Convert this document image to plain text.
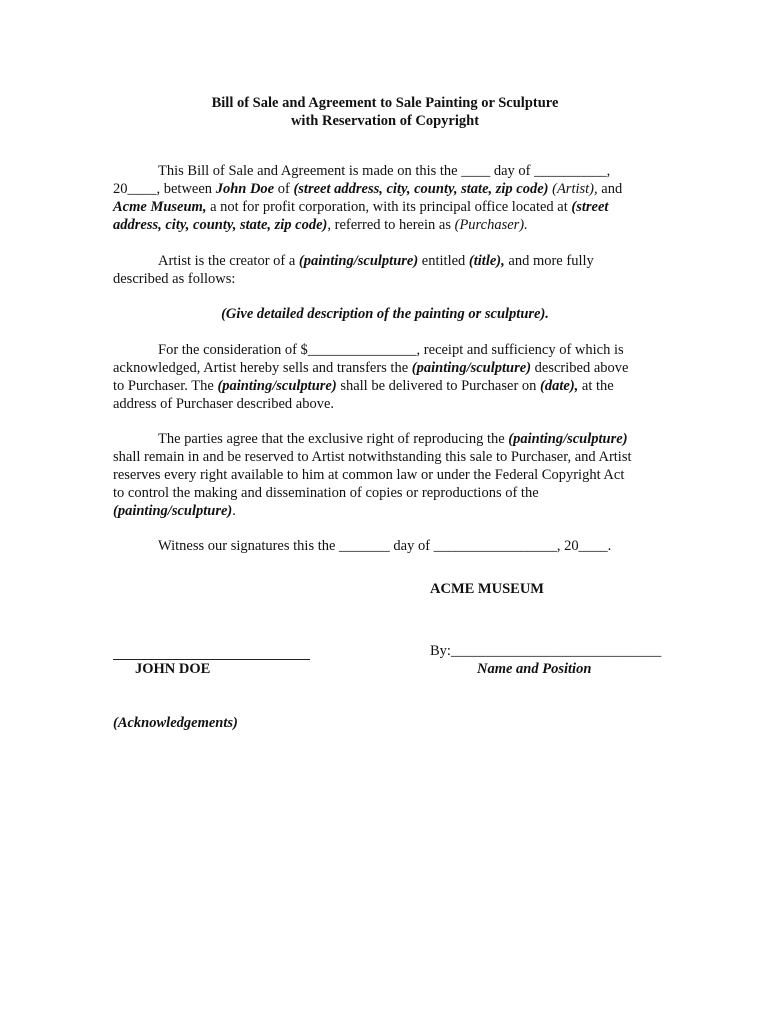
Bill of Sale and Agreement to Sale Painting or Sculpture
with Reservation of Copyright
This Bill of Sale and Agreement is made on this the ____ day of __________,
20____, between John Doe of (street address, city, county, state, zip code) (Artist), and
Acme Museum, a not for profit corporation, with its principal office located at (street
address, city, county, state, zip code), referred to herein as (Purchaser).
Artist is the creator of a (painting/sculpture) entitled (title), and more fully
described as follows:
(Give detailed description of the painting or sculpture).
For the consideration of $_______________, receipt and sufficiency of which is
acknowledged, Artist hereby sells and transfers the (painting/sculpture) described above
to Purchaser. The (painting/sculpture) shall be delivered to Purchaser on (date), at the
address of Purchaser described above.
The parties agree that the exclusive right of reproducing the (painting/sculpture)
shall remain in and be reserved to Artist notwithstanding this sale to Purchaser, and Artist
reserves every right available to him at common law or under the Federal Copyright Act
to control the making and dissemination of copies or reproductions of the
(painting/sculpture).
Witness our signatures this the _______ day of _________________, 20____.
ACME MUSEUM
By:_____________________________
JOHN DOE	Name and Position
(Acknowledgements)
